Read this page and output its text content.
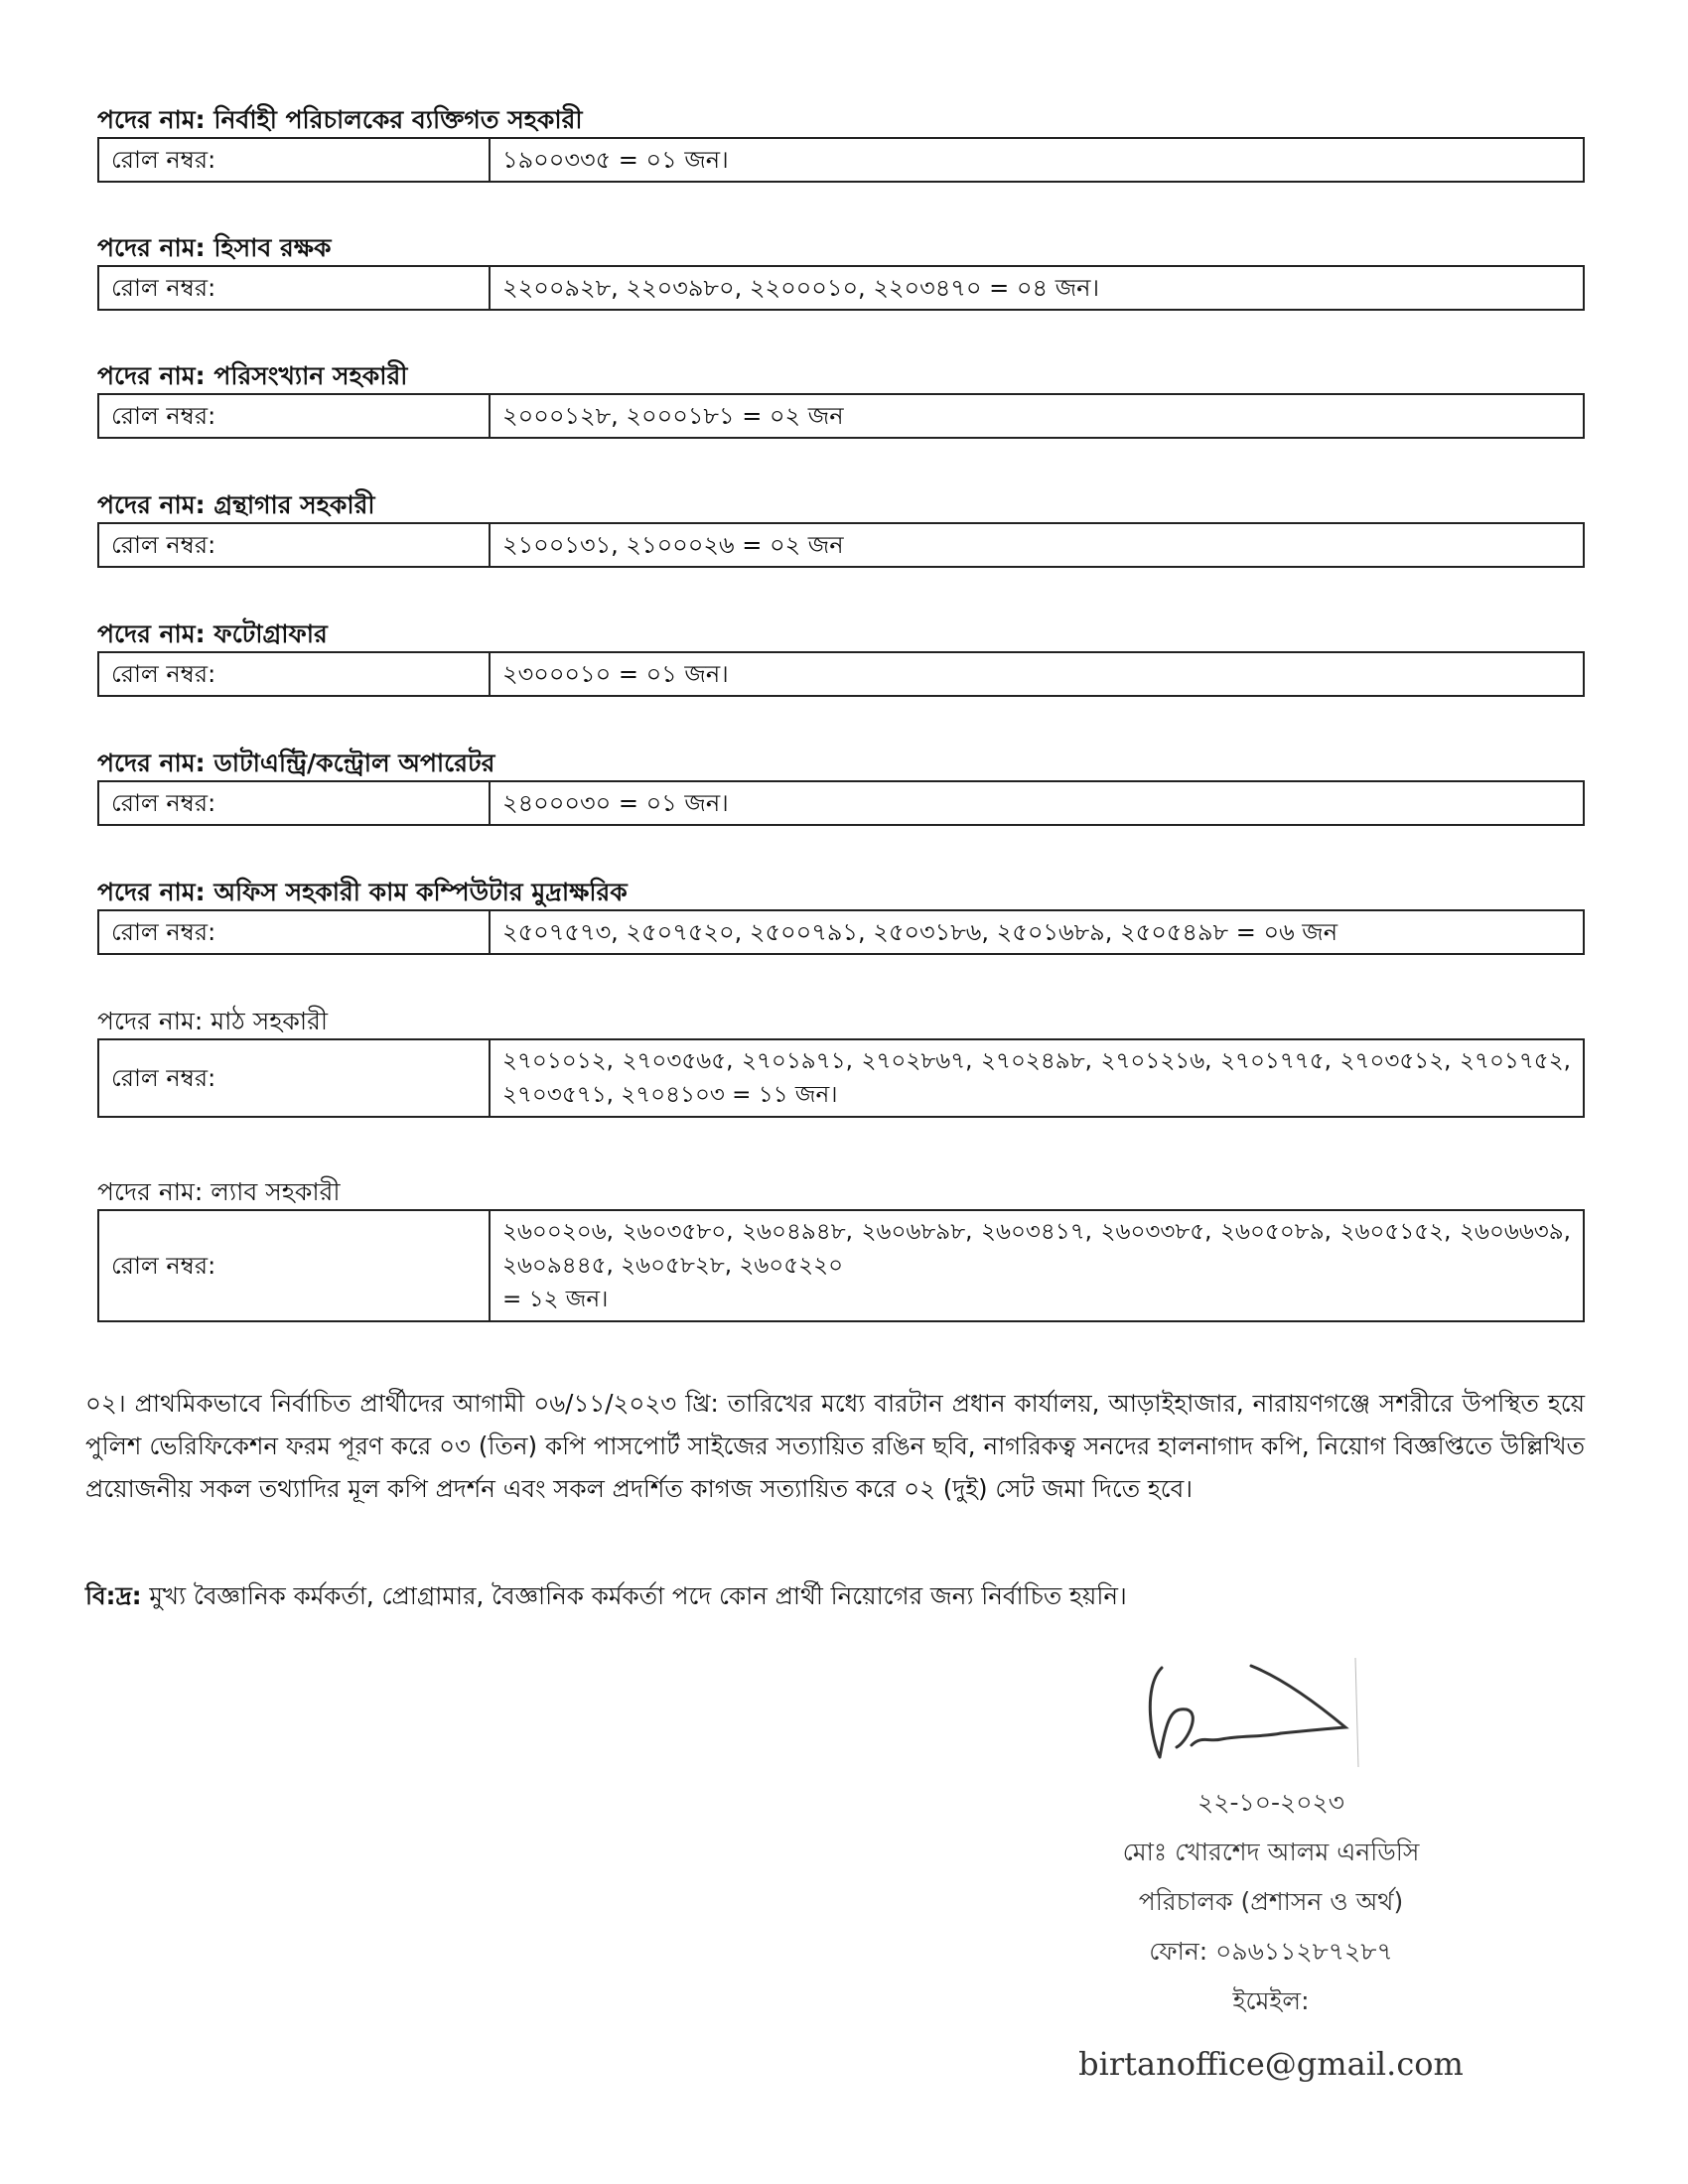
পদের নাম: নির্বাহী পরিচালকের ব্যক্তিগত সহকারী
রোল নম্বর:	১৯০০৩৩৫ = ০১ জন।
পদের নাম: হিসাব রক্ষক
রোল নম্বর:	২২০০৯২৮, ২২০৩৯৮০, ২২০০০১০, ২২০৩৪৭০ = ০৪ জন।
পদের নাম: পরিসংখ্যান সহকারী
রোল নম্বর:	২০০০১২৮, ২০০০১৮১ = ০২ জন
পদের নাম: গ্রন্থাগার সহকারী
রোল নম্বর:	২১০০১৩১, ২১০০০২৬ = ০২ জন
পদের নাম: ফটোগ্রাফার
রোল নম্বর:	২৩০০০১০ = ০১ জন।
পদের নাম: ডাটাএন্ট্রি/কন্ট্রোল অপারেটর
রোল নম্বর:	২৪০০০৩০ = ০১ জন।
পদের নাম: অফিস সহকারী কাম কম্পিউটার মুদ্রাক্ষরিক
রোল নম্বর:	২৫০৭৫৭৩, ২৫০৭৫২০, ২৫০০৭৯১, ২৫০৩১৮৬, ২৫০১৬৮৯, ২৫০৫৪৯৮ = ০৬ জন
পদের নাম: মাঠ সহকারী
রোল নম্বর:	২৭০১০১২, ২৭০৩৫৬৫, ২৭০১৯৭১, ২৭০২৮৬৭, ২৭০২৪৯৮, ২৭০১২১৬, ২৭০১৭৭৫, ২৭০৩৫১২, ২৭০১৭৫২, ২৭০৩৫৭১, ২৭০৪১০৩ = ১১ জন।
পদের নাম: ল্যাব সহকারী
রোল নম্বর:	
২৬০০২০৬, ২৬০৩৫৮০, ২৬০৪৯৪৮, ২৬০৬৮৯৮, ২৬০৩৪১৭, ২৬০৩৩৮৫, ২৬০৫০৮৯, ২৬০৫১৫২, ২৬০৬৬৩৯, ২৬০৯৪৪৫, ২৬০৫৮২৮, ২৬০৫২২০
= ১২ জন।
০২। প্রাথমিকভাবে নির্বাচিত প্রার্থীদের আগামী ০৬/১১/২০২৩ খ্রি: তারিখের মধ্যে বারটান প্রধান কার্যালয়, আড়াইহাজার, নারায়ণগঞ্জে সশরীরে উপস্থিত হয়ে পুলিশ ভেরিফিকেশন ফরম পূরণ করে ০৩ (তিন) কপি পাসপোর্ট সাইজের সত্যায়িত রঙিন ছবি, নাগরিকত্ব সনদের হালনাগাদ কপি, নিয়োগ বিজ্ঞপ্তিতে উল্লিখিত প্রয়োজনীয় সকল তথ্যাদির মূল কপি প্রদর্শন এবং সকল প্রদর্শিত কাগজ সত্যায়িত করে ০২ (দুই) সেট জমা দিতে হবে।
বি:দ্র: মুখ্য বৈজ্ঞানিক কর্মকর্তা, প্রোগ্রামার, বৈজ্ঞানিক কর্মকর্তা পদে কোন প্রার্থী নিয়োগের জন্য নির্বাচিত হয়নি।
২২-১০-২০২৩
মোঃ খোরশেদ আলম এনডিসি
পরিচালক (প্রশাসন ও অর্থ)
ফোন: ০৯৬১১২৮৭২৮৭
ইমেইল:
birtanoffice@gmail.com
